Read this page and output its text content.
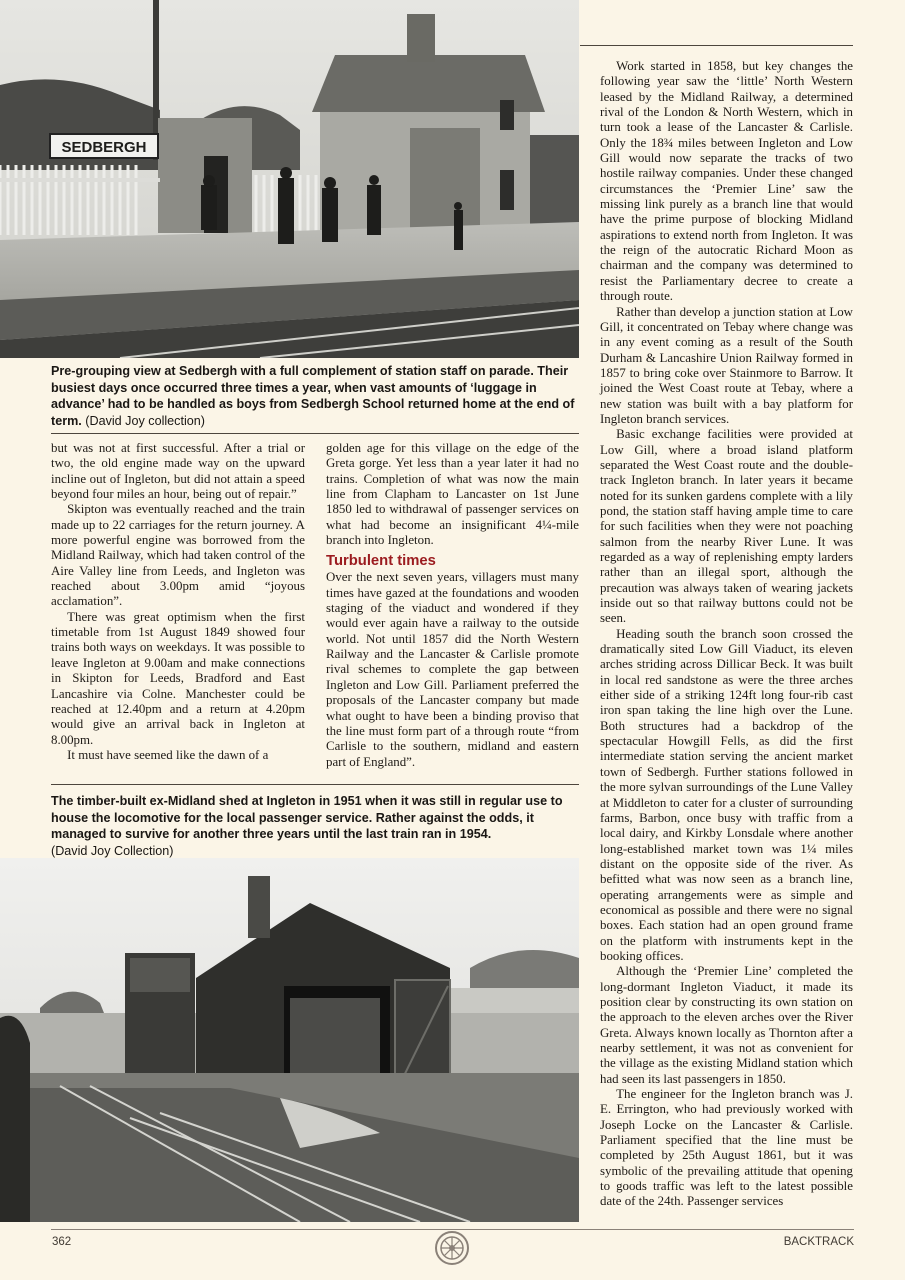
SEDBERGH
Pre-grouping view at Sedbergh with a full complement of station staff on parade. Their busiest days once occurred three times a year, when vast amounts of ‘luggage in advance’ had to be handled as boys from Sedbergh School returned home at the end of term. (David Joy collection)

but was not at first successful. After a trial or two, the old engine made way on the upward incline out of Ingleton, but did not attain a speed beyond four miles an hour, being out of repair.”

Skipton was eventually reached and the train made up to 22 carriages for the return journey. A more powerful engine was borrowed from the Midland Railway, which had taken control of the Aire Valley line from Leeds, and Ingleton was reached about 3.00pm amid “joyous acclamation”.

There was great optimism when the first timetable from 1st August 1849 showed four trains both ways on weekdays. It was possible to leave Ingleton at 9.00am and make connections in Skipton for Leeds, Bradford and East Lancashire via Colne. Manchester could be reached at 12.40pm and a return at 4.20pm would give an arrival back in Ingleton at 8.00pm.

It must have seemed like the dawn of a

golden age for this village on the edge of the Greta gorge. Yet less than a year later it had no trains. Completion of what was now the main line from Clapham to Lancaster on 1st June 1850 led to withdrawal of passenger services on what had become an insignificant 4¼-mile branch into Ingleton.

Turbulent times

Over the next seven years, villagers must many times have gazed at the foundations and wooden staging of the viaduct and wondered if they would ever again have a railway to the outside world. Not until 1857 did the North Western Railway and the Lancaster & Carlisle promote rival schemes to complete the gap between Ingleton and Low Gill. Parliament preferred the proposals of the Lancaster company but made what ought to have been a binding proviso that the line must form part of a through route “from Carlisle to the southern, midland and eastern part of England”.

The timber-built ex-Midland shed at Ingleton in 1951 when it was still in regular use to house the locomotive for the local passenger service. Rather against the odds, it managed to survive for another three years until the last train ran in 1954.
(David Joy Collection)

Work started in 1858, but key changes the following year saw the ‘little’ North Western leased by the Midland Railway, a determined rival of the London & North Western, which in turn took a lease of the Lancaster & Carlisle. Only the 18¾ miles between Ingleton and Low Gill would now separate the tracks of two hostile railway companies. Under these changed circumstances the ‘Premier Line’ saw the missing link purely as a branch line that would have the prime purpose of blocking Midland aspirations to extend north from Ingleton. It was the reign of the autocratic Richard Moon as chairman and the company was determined to resist the Parliamentary decree to create a through route.

Rather than develop a junction station at Low Gill, it concentrated on Tebay where change was in any event coming as a result of the South Durham & Lancashire Union Railway formed in 1857 to bring coke over Stainmore to Barrow. It joined the West Coast route at Tebay, where a new station was built with a bay platform for Ingleton branch services.

Basic exchange facilities were provided at Low Gill, where a broad island platform separated the West Coast route and the double-track Ingleton branch. In later years it became noted for its sunken gardens complete with a lily pond, the station staff having ample time to care for such facilities when they were not poaching salmon from the nearby River Lune. It was regarded as a way of replenishing empty larders rather than an illegal sport, although the precaution was always taken of wearing jackets inside out so that railway buttons could not be seen.

Heading south the branch soon crossed the dramatically sited Low Gill Viaduct, its eleven arches striding across Dillicar Beck. It was built in local red sandstone as were the three arches either side of a striking 124ft long four-rib cast iron span taking the line high over the Lune. Both structures had a backdrop of the spectacular Howgill Fells, as did the first intermediate station serving the ancient market town of Sedbergh. Further stations followed in the more sylvan surroundings of the Lune Valley at Middleton to cater for a cluster of surrounding farms, Barbon, once busy with traffic from a local dairy, and Kirkby Lonsdale where another long-established market town was 1¼ miles distant on the opposite side of the river. As befitted what was now seen as a branch line, operating arrangements were as simple and economical as possible and there were no signal boxes. Each station had an open ground frame on the platform with instruments kept in the booking offices.

Although the ‘Premier Line’ completed the long-dormant Ingleton Viaduct, it made its position clear by constructing its own station on the approach to the eleven arches over the River Greta. Always known locally as Thornton after a nearby settlement, it was not as convenient for the village as the existing Midland station which had seen its last passengers in 1850.

The engineer for the Ingleton branch was J. E. Errington, who had previously worked with Joseph Locke on the Lancaster & Carlisle. Parliament specified that the line must be completed by 25th August 1861, but it was symbolic of the prevailing attitude that opening to goods traffic was left to the latest possible date of the 24th. Passenger services

362	BACKTRACK
